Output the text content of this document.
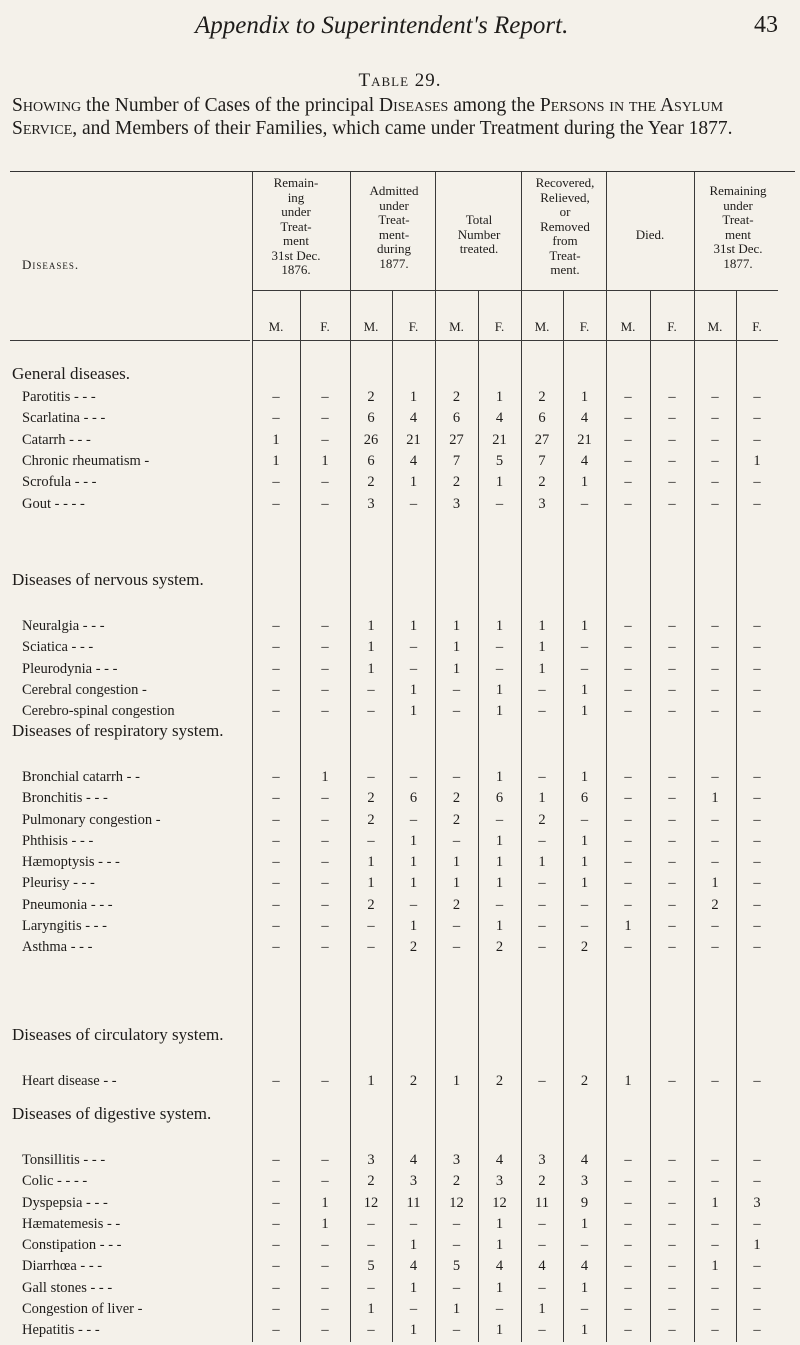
Appendix to Superintendent's Report.	43
Table 29.
Showing the Number of Cases of the principal Diseases among the Persons in the Asylum Service, and Members of their Families, which came under Treatment during the Year 1877.
Remain-
ing
under
Treat-
ment
31st Dec.
1876.
Admitted
under
Treat-
ment-
during
1877.
Total
Number
treated.
Recovered,
Relieved,
or
Removed
from
Treat-
ment.
Died.
Remaining
under
Treat-
ment
31st Dec.
1877.
Diseases.
M.	F.	M.	F.	M.	F.	M.	F.	M.	F.	M.	F.
General diseases.
Parotitis - - -	–	–	2	1	2	1	2	1	–	–	–	–
Scarlatina - - -	–	–	6	4	6	4	6	4	–	–	–	–
Catarrh - - -	1	–	26	21	27	21	27	21	–	–	–	–
Chronic rheumatism -	1	1	6	4	7	5	7	4	–	–	–	1
Scrofula - - -	–	–	2	1	2	1	2	1	–	–	–	–
Gout - - - -	–	–	3	–	3	–	3	–	–	–	–	–
Diseases of nervous system.
Neuralgia - - -	–	–	1	1	1	1	1	1	–	–	–	–
Sciatica - - -	–	–	1	–	1	–	1	–	–	–	–	–
Pleurodynia - - -	–	–	1	–	1	–	1	–	–	–	–	–
Cerebral congestion -	–	–	–	1	–	1	–	1	–	–	–	–
Cerebro-spinal congestion	–	–	–	1	–	1	–	1	–	–	–	–
Diseases of respiratory system.
Bronchial catarrh - -	–	1	–	–	–	1	–	1	–	–	–	–
Bronchitis - - -	–	–	2	6	2	6	1	6	–	–	1	–
Pulmonary congestion -	–	–	2	–	2	–	2	–	–	–	–	–
Phthisis - - -	–	–	–	1	–	1	–	1	–	–	–	–
Hæmoptysis - - -	–	–	1	1	1	1	1	1	–	–	–	–
Pleurisy - - -	–	–	1	1	1	1	–	1	–	–	1	–
Pneumonia - - -	–	–	2	–	2	–	–	–	–	–	2	–
Laryngitis - - -	–	–	–	1	–	1	–	–	1	–	–	–
Asthma - - -	–	–	–	2	–	2	–	2	–	–	–	–
Diseases of circulatory system.
Heart disease - -	–	–	1	2	1	2	–	2	1	–	–	–
Diseases of digestive system.
Tonsillitis - - -	–	–	3	4	3	4	3	4	–	–	–	–
Colic - - - -	–	–	2	3	2	3	2	3	–	–	–	–
Dyspepsia - - -	–	1	12	11	12	12	11	9	–	–	1	3
Hæmatemesis - -	–	1	–	–	–	1	–	1	–	–	–	–
Constipation - - -	–	–	–	1	–	1	–	–	–	–	–	1
Diarrhœa - - -	–	–	5	4	5	4	4	4	–	–	1	–
Gall stones - - -	–	–	–	1	–	1	–	1	–	–	–	–
Congestion of liver -	–	–	1	–	1	–	1	–	–	–	–	–
Hepatitis - - -	–	–	–	1	–	1	–	1	–	–	–	–
